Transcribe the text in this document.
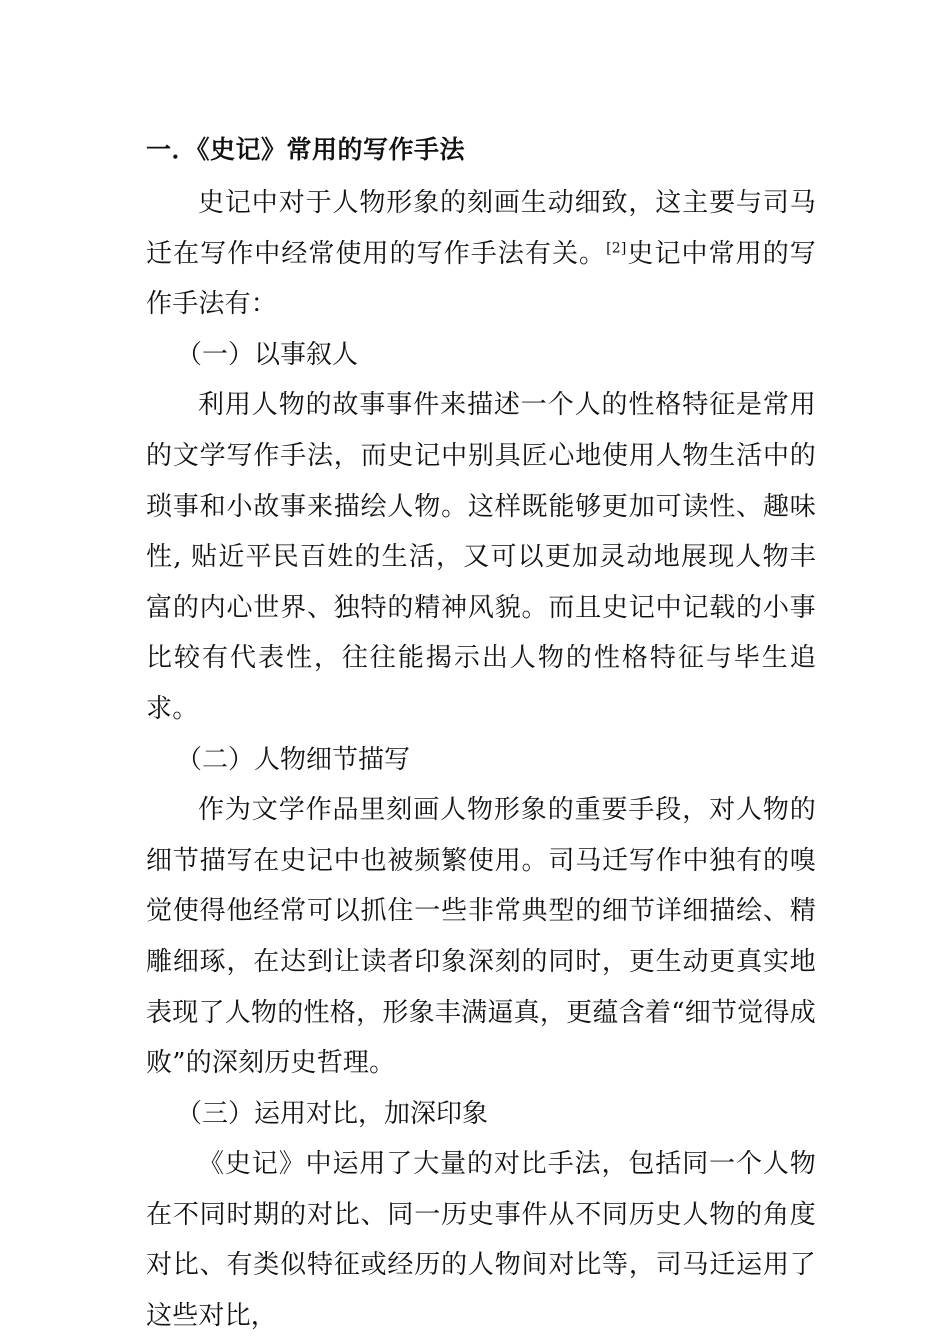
一．《史记》常用的写作手法

史记中对于人物形象的刻画生动细致，这主要与司马迁在写作中经常使用的写作手法有关。[2]史记中常用的写作手法有：

（一）以事叙人

利用人物的故事事件来描述一个人的性格特征是常用的文学写作手法，而史记中别具匠心地使用人物生活中的琐事和小故事来描绘人物。这样既能够更加可读性、趣味性, 贴近平民百姓的生活，又可以更加灵动地展现人物丰富的内心世界、独特的精神风貌。而且史记中记载的小事比较有代表性，往往能揭示出人物的性格特征与毕生追求。

（二）人物细节描写

作为文学作品里刻画人物形象的重要手段，对人物的细节描写在史记中也被频繁使用。司马迁写作中独有的嗅觉使得他经常可以抓住一些非常典型的细节详细描绘、精雕细琢，在达到让读者印象深刻的同时，更生动更真实地表现了人物的性格，形象丰满逼真，更蕴含着“细节觉得成败”的深刻历史哲理。

（三）运用对比，加深印象

《史记》中运用了大量的对比手法，包括同一个人物在不同时期的对比、同一历史事件从不同历史人物的角度对比、有类似特征或经历的人物间对比等，司马迁运用了这些对比，
